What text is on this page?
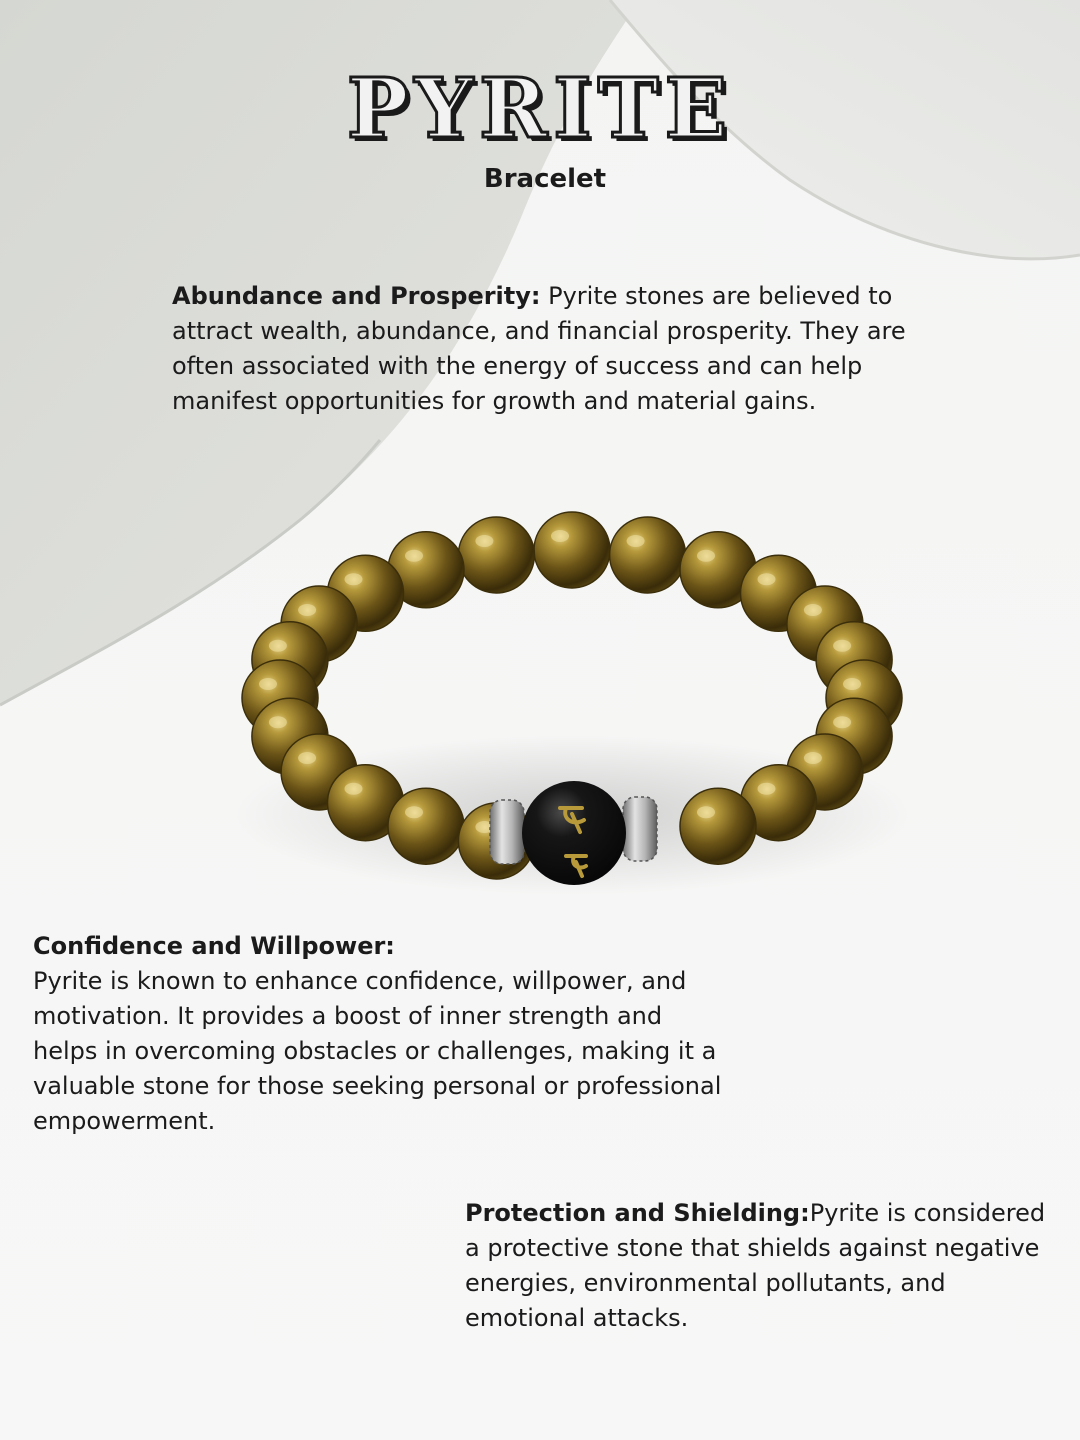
PYRITE
Bracelet

Abundance and Prosperity: Pyrite stones are believed to attract wealth, abundance, and financial prosperity. They are often associated with the energy of success and can help manifest opportunities for growth and material gains.

Confidence and Willpower:
Pyrite is known to enhance confidence, willpower, and motivation. It provides a boost of inner strength and helps in overcoming obstacles or challenges, making it a valuable stone for those seeking personal or professional empowerment.

Protection and Shielding:Pyrite is considered a protective stone that shields against negative energies, environmental pollutants, and emotional attacks.
